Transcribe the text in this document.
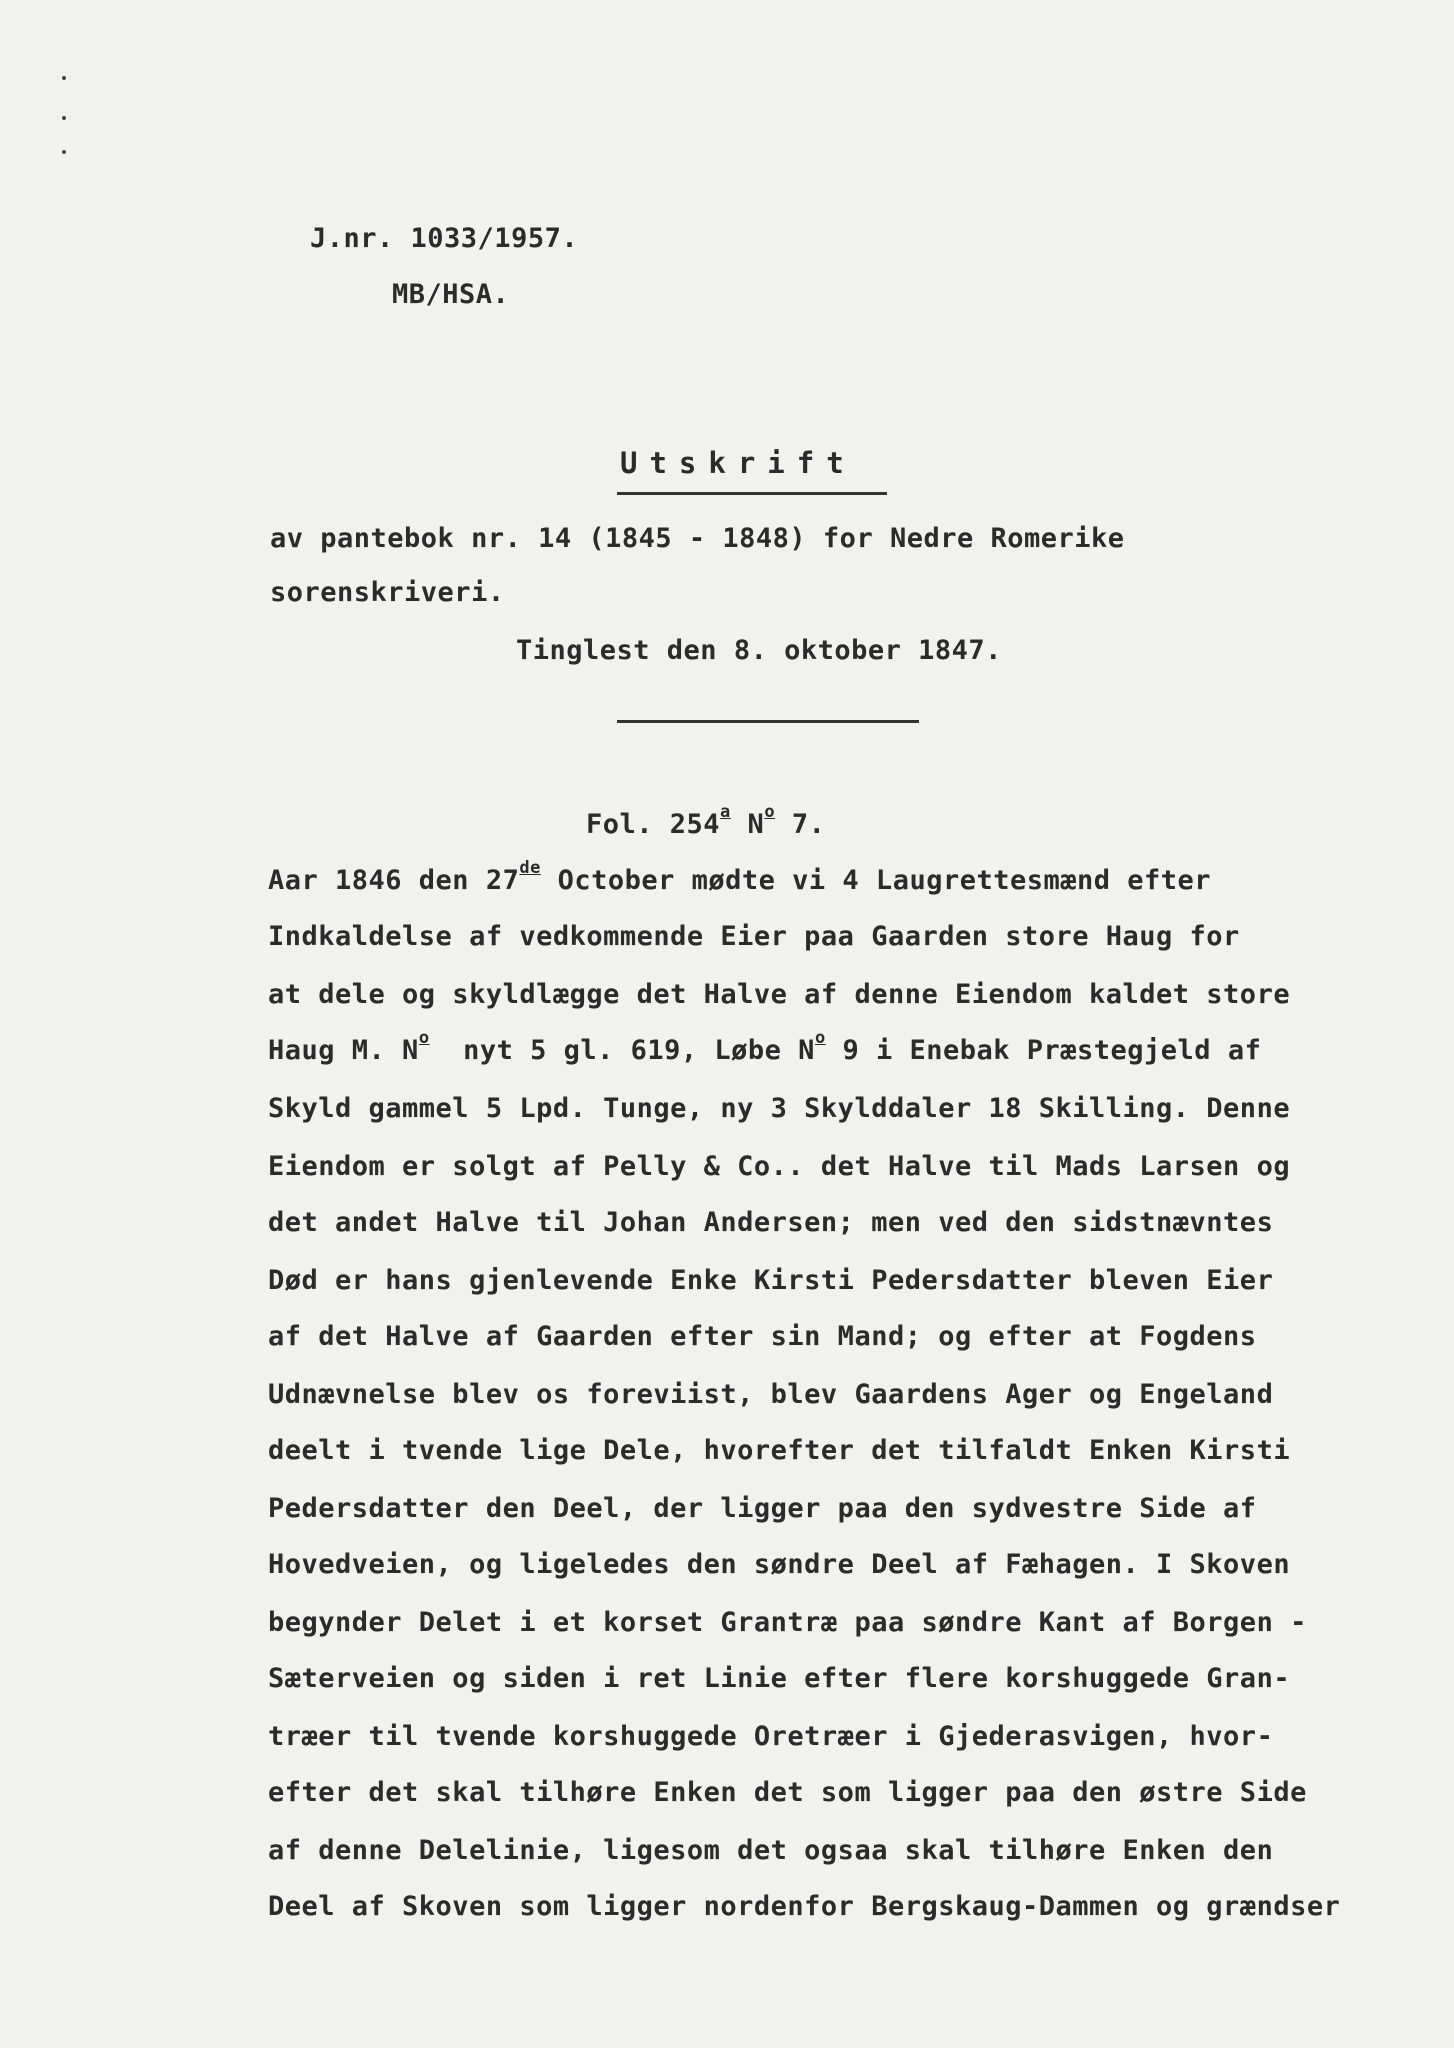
J.nr. 1033/1957.
MB/HSA.
Utskrift
av pantebok nr. 14 (1845 - 1848) for Nedre Romerike
sorenskriveri.
Tinglest den 8. oktober 1847.
Fol. 254$^a$ $N^o$ 7.
Aar 1846 den 27de October mødte vi 4 Laugrettesmænd efter
Indkaldelse af vedkommende Eier paa Gaarden store Haug for
at dele og skyldlægge det Halve af denne Eiendom kaldet store
Haug M. $N^o$  nyt 5 gl. 619, Løbe $N^o$ 9 i Enebak Præstegjeld af
Skyld gammel 5 Lpd. Tunge, ny 3 Skylddaler 18 Skilling. Denne
Eiendom er solgt af Pelly & Co.. det Halve til Mads Larsen og
det andet Halve til Johan Andersen; men ved den sidstnævntes
Død er hans gjenlevende Enke Kirsti Pedersdatter bleven Eier
af det Halve af Gaarden efter sin Mand; og efter at Fogdens
Udnævnelse blev os foreviist, blev Gaardens Ager og Engeland
deelt i tvende lige Dele, hvorefter det tilfaldt Enken Kirsti
Pedersdatter den Deel, der ligger paa den sydvestre Side af
Hovedveien, og ligeledes den søndre Deel af Fæhagen. I Skoven
begynder Delet i et korset Grantræ paa søndre Kant af Borgen -
Sæterveien og siden i ret Linie efter flere korshuggede Gran-
træer til tvende korshuggede Oretræer i Gjederasvigen, hvor-
efter det skal tilhøre Enken det som ligger paa den østre Side
af denne Delelinie, ligesom det ogsaa skal tilhøre Enken den
Deel af Skoven som ligger nordenfor Bergskaug-Dammen og grændser
